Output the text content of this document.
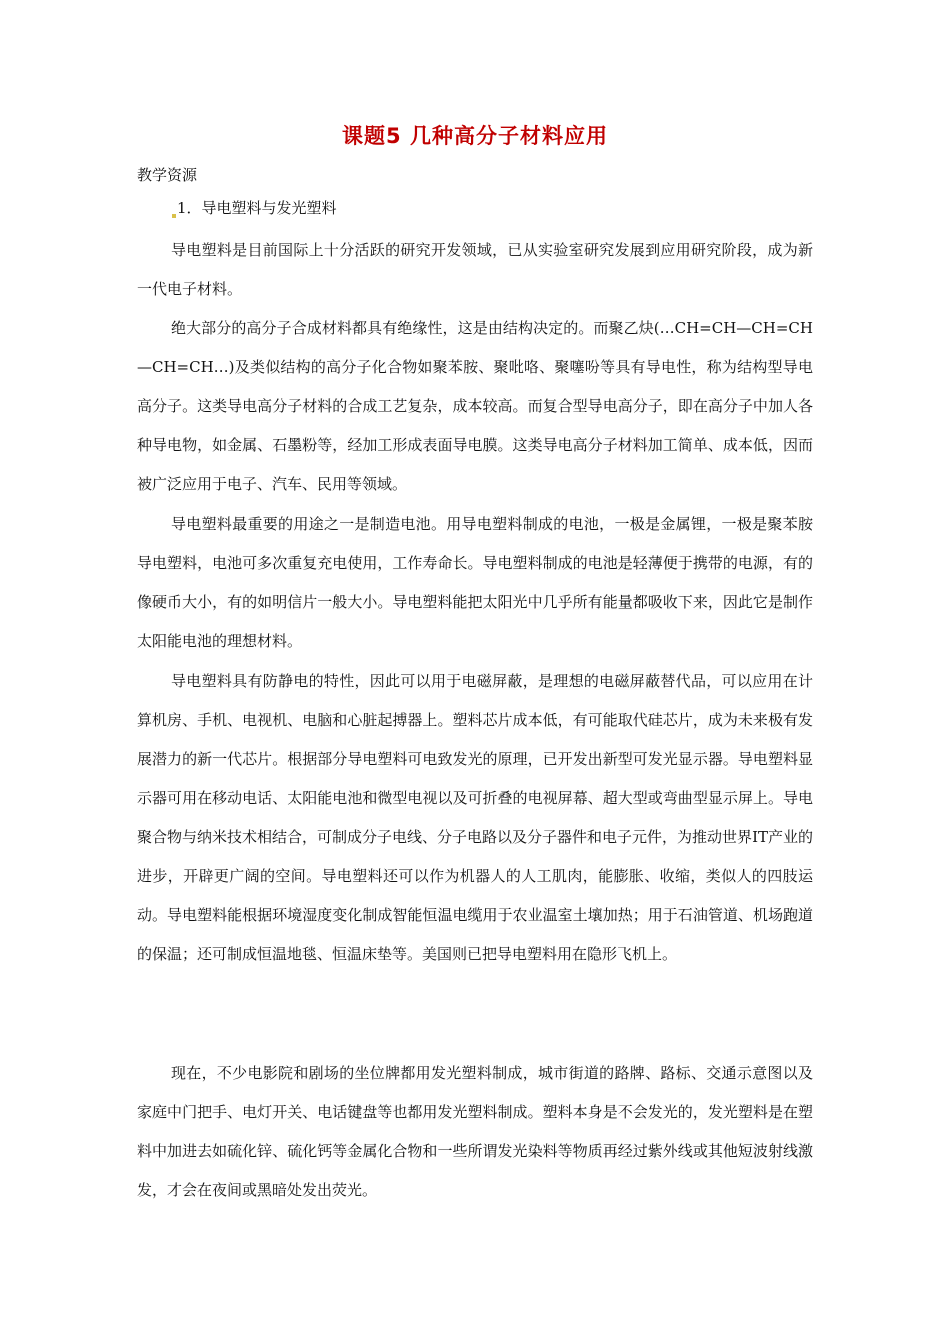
课题5 几种高分子材料应用
教学资源
1．导电塑料与发光塑料

导电塑料是目前国际上十分活跃的研究开发领域，已从实验室研究发展到应用研究阶段，成为新一代电子材料。

绝大部分的高分子合成材料都具有绝缘性，这是由结构决定的。而聚乙炔(…CH=CH—CH=CH—CH=CH…)及类似结构的高分子化合物如聚苯胺、聚吡咯、聚噻吩等具有导电性，称为结构型导电高分子。这类导电高分子材料的合成工艺复杂，成本较高。而复合型导电高分子，即在高分子中加人各种导电物，如金属、石墨粉等，经加工形成表面导电膜。这类导电高分子材料加工简单、成本低，因而被广泛应用于电子、汽车、民用等领域。

导电塑料最重要的用途之一是制造电池。用导电塑料制成的电池，一极是金属锂，一极是聚苯胺导电塑料，电池可多次重复充电使用，工作寿命长。导电塑料制成的电池是轻薄便于携带的电源，有的像硬币大小，有的如明信片一般大小。导电塑料能把太阳光中几乎所有能量都吸收下来，因此它是制作太阳能电池的理想材料。

导电塑料具有防静电的特性，因此可以用于电磁屏蔽，是理想的电磁屏蔽替代品，可以应用在计算机房、手机、电视机、电脑和心脏起搏器上。塑料芯片成本低，有可能取代硅芯片，成为未来极有发展潜力的新一代芯片。根据部分导电塑料可电致发光的原理，已开发出新型可发光显示器。导电塑料显示器可用在移动电话、太阳能电池和微型电视以及可折叠的电视屏幕、超大型或弯曲型显示屏上。导电聚合物与纳米技术相结合，可制成分子电线、分子电路以及分子器件和电子元件，为推动世界IT产业的进步，开辟更广阔的空间。导电塑料还可以作为机器人的人工肌肉，能膨胀、收缩，类似人的四肢运动。导电塑料能根据环境湿度变化制成智能恒温电缆用于农业温室土壤加热；用于石油管道、机场跑道的保温；还可制成恒温地毯、恒温床垫等。美国则已把导电塑料用在隐形飞机上。

现在，不少电影院和剧场的坐位牌都用发光塑料制成，城市街道的路牌、路标、交通示意图以及家庭中门把手、电灯开关、电话键盘等也都用发光塑料制成。塑料本身是不会发光的，发光塑料是在塑料中加进去如硫化锌、硫化钙等金属化合物和一些所谓发光染料等物质再经过紫外线或其他短波射线激发，才会在夜间或黑暗处发出荧光。
